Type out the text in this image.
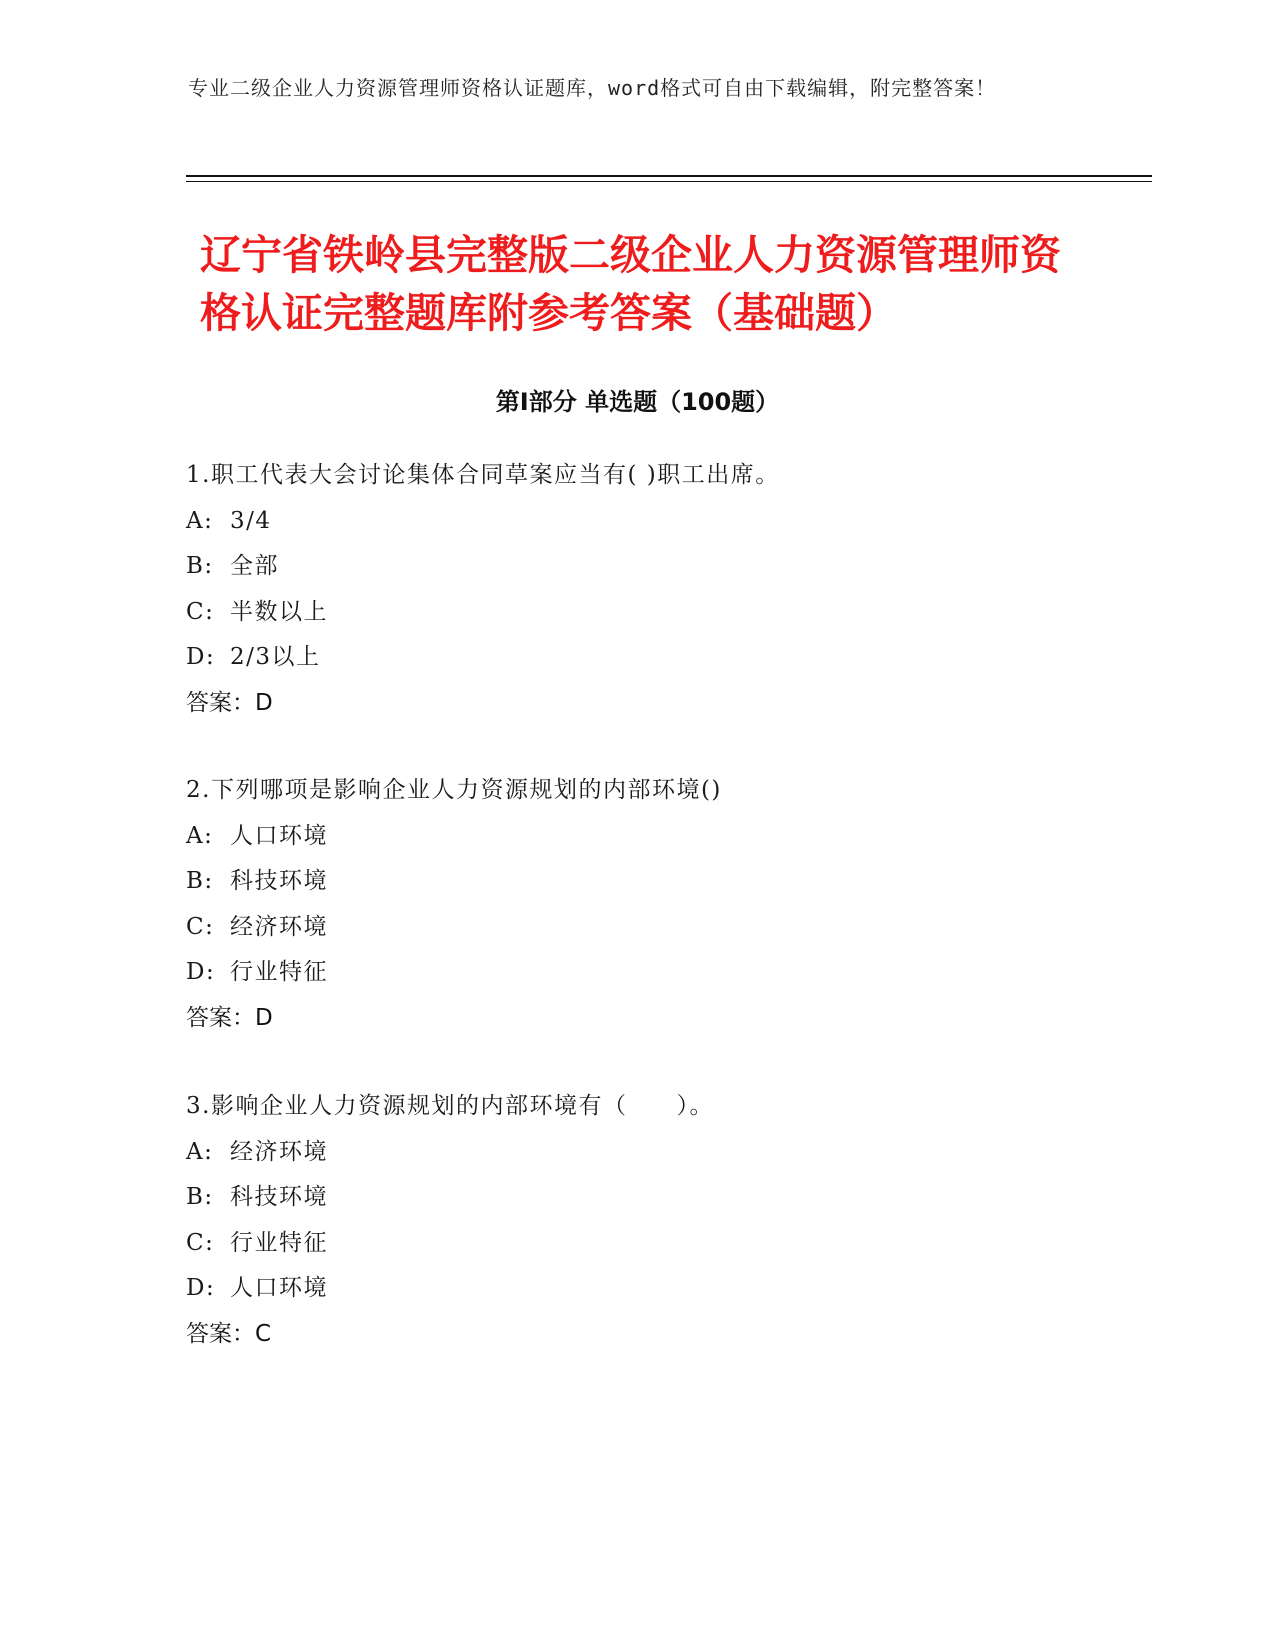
专业二级企业人力资源管理师资格认证题库，word格式可自由下载编辑，附完整答案！
辽宁省铁岭县完整版二级企业人力资源管理师资格认证完整题库附参考答案（基础题）
第Ⅰ部分 单选题（100题）
1.职工代表大会讨论集体合同草案应当有( )职工出席。
A: 3/4
B: 全部
C: 半数以上
D: 2/3以上
答案：D
2.下列哪项是影响企业人力资源规划的内部环境()
A: 人口环境
B: 科技环境
C: 经济环境
D: 行业特征
答案：D
3.影响企业人力资源规划的内部环境有（　　）。
A: 经济环境
B: 科技环境
C: 行业特征
D: 人口环境
答案：C
